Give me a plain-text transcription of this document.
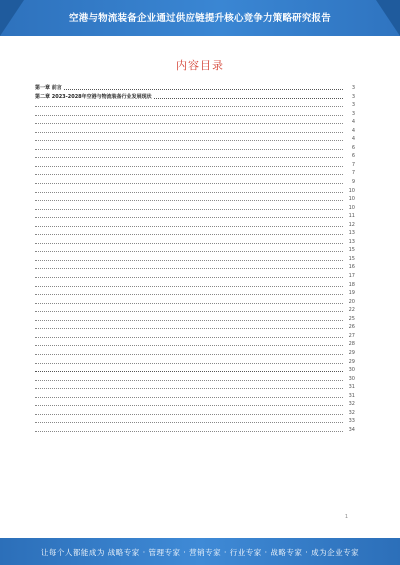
空港与物流装备企业通过供应链提升核心竞争力策略研究报告
内容目录
第一章 前言	3
第二章 2023-2028年空港与物流装备行业发展现状	3
3
3
4
4
4
6
6
7
7
9
10
10
10
11
12
13
13
15
15
16
17
18
19
20
22
25
26
27
28
29
29
30
30
31
31
32
32
33
34
1
让每个人都能成为 战略专家 · 管理专家 · 营销专家 · 行业专家 · 战略专家 · 成为企业专家
